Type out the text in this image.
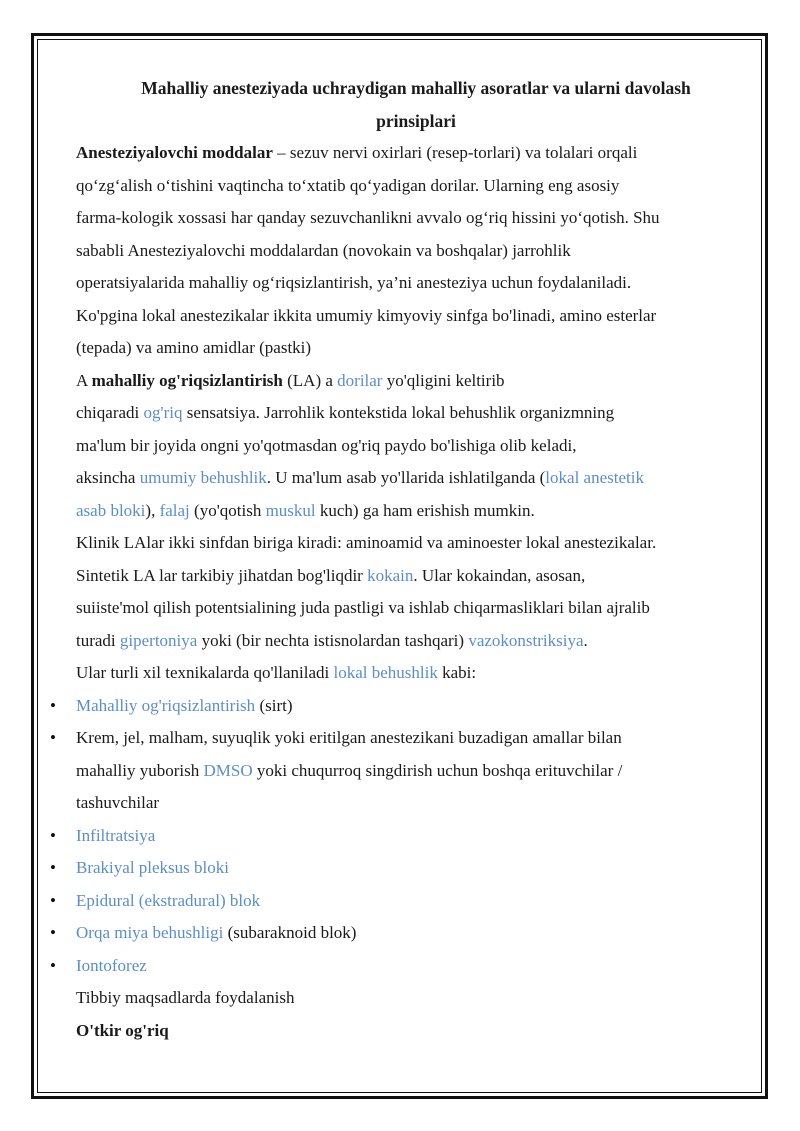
Mahalliy anesteziyada uchraydigan mahalliy asoratlar va ularni davolash
prinsiplari

Anesteziyalovchi moddalar – sezuv nervi oxirlari (resep-torlari) va tolalari orqali
qo‘zg‘alish o‘tishini vaqtincha to‘xtatib qo‘yadigan dorilar. Ularning eng asosiy
farma-kologik xossasi har qanday sezuvchanlikni avvalo og‘riq hissini yo‘qotish. Shu
sababli Anesteziyalovchi moddalardan (novokain va boshqalar) jarrohlik
operatsiyalarida mahalliy og‘riqsizlantirish, ya’ni anesteziya uchun foydalaniladi.

Ko'pgina lokal anestezikalar ikkita umumiy kimyoviy sinfga bo'linadi, amino esterlar
(tepada) va amino amidlar (pastki)

A mahalliy og'riqsizlantirish (LA) a dorilar yo'qligini keltirib
chiqaradi og'riq sensatsiya. Jarrohlik kontekstida lokal behushlik organizmning
ma'lum bir joyida ongni yo'qotmasdan og'riq paydo bo'lishiga olib keladi,
aksincha umumiy behushlik. U ma'lum asab yo'llarida ishlatilganda (lokal anestetik
asab bloki), falaj (yo'qotish muskul kuch) ga ham erishish mumkin.

Klinik LAlar ikki sinfdan biriga kiradi: aminoamid va aminoester lokal anestezikalar.
Sintetik LA lar tarkibiy jihatdan bog'liqdir kokain. Ular kokaindan, asosan,
suiiste'mol qilish potentsialining juda pastligi va ishlab chiqarmasliklari bilan ajralib
turadi gipertoniya yoki (bir nechta istisnolardan tashqari) vazokonstriksiya.

Ular turli xil texnikalarda qo'llaniladi lokal behushlik kabi:

• Mahalliy og'riqsizlantirish (sirt)
• Krem, jel, malham, suyuqlik yoki eritilgan anestezikani buzadigan amallar bilan
mahalliy yuborish DMSO yoki chuqurroq singdirish uchun boshqa erituvchilar /
tashuvchilar
• Infiltratsiya
• Brakiyal pleksus bloki
• Epidural (ekstradural) blok
• Orqa miya behushligi (subaraknoid blok)
• Iontoforez

Tibbiy maqsadlarda foydalanish

O'tkir og'riq
